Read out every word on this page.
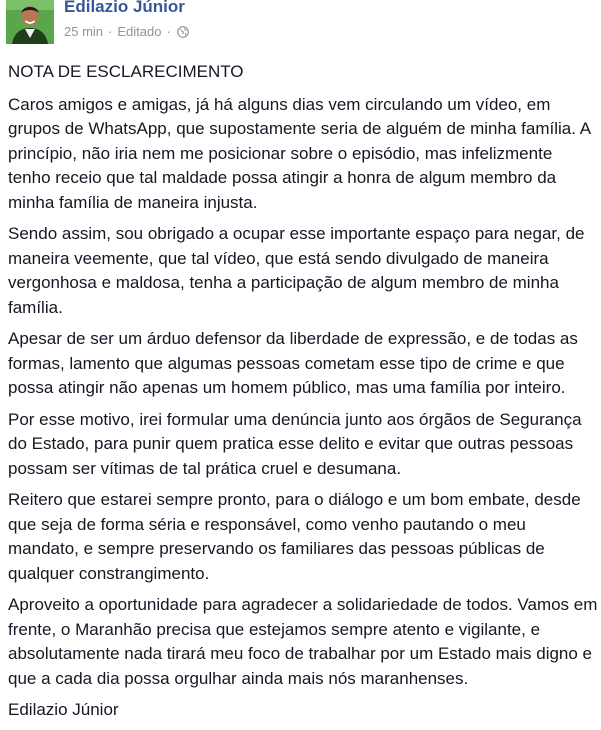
Edilazio Júnior
25 min · Editado ·

NOTA DE ESCLARECIMENTO

Caros amigos e amigas, já há alguns dias vem circulando um vídeo, em grupos de WhatsApp, que supostamente seria de alguém de minha família. A princípio, não iria nem me posicionar sobre o episódio, mas infelizmente tenho receio que tal maldade possa atingir a honra de algum membro da minha família de maneira injusta.

Sendo assim, sou obrigado a ocupar esse importante espaço para negar, de maneira veemente, que tal vídeo, que está sendo divulgado de maneira vergonhosa e maldosa, tenha a participação de algum membro de minha família.

Apesar de ser um árduo defensor da liberdade de expressão, e de todas as formas, lamento que algumas pessoas cometam esse tipo de crime e que possa atingir não apenas um homem público, mas uma família por inteiro.

Por esse motivo, irei formular uma denúncia junto aos órgãos de Segurança do Estado, para punir quem pratica esse delito e evitar que outras pessoas possam ser vítimas de tal prática cruel e desumana.

Reitero que estarei sempre pronto, para o diálogo e um bom embate, desde que seja de forma séria e responsável, como venho pautando o meu mandato, e sempre preservando os familiares das pessoas públicas de qualquer constrangimento.

Aproveito a oportunidade para agradecer a solidariedade de todos. Vamos em frente, o Maranhão precisa que estejamos sempre atento e vigilante, e absolutamente nada tirará meu foco de trabalhar por um Estado mais digno e que a cada dia possa orgulhar ainda mais nós maranhenses.

Edilazio Júnior
